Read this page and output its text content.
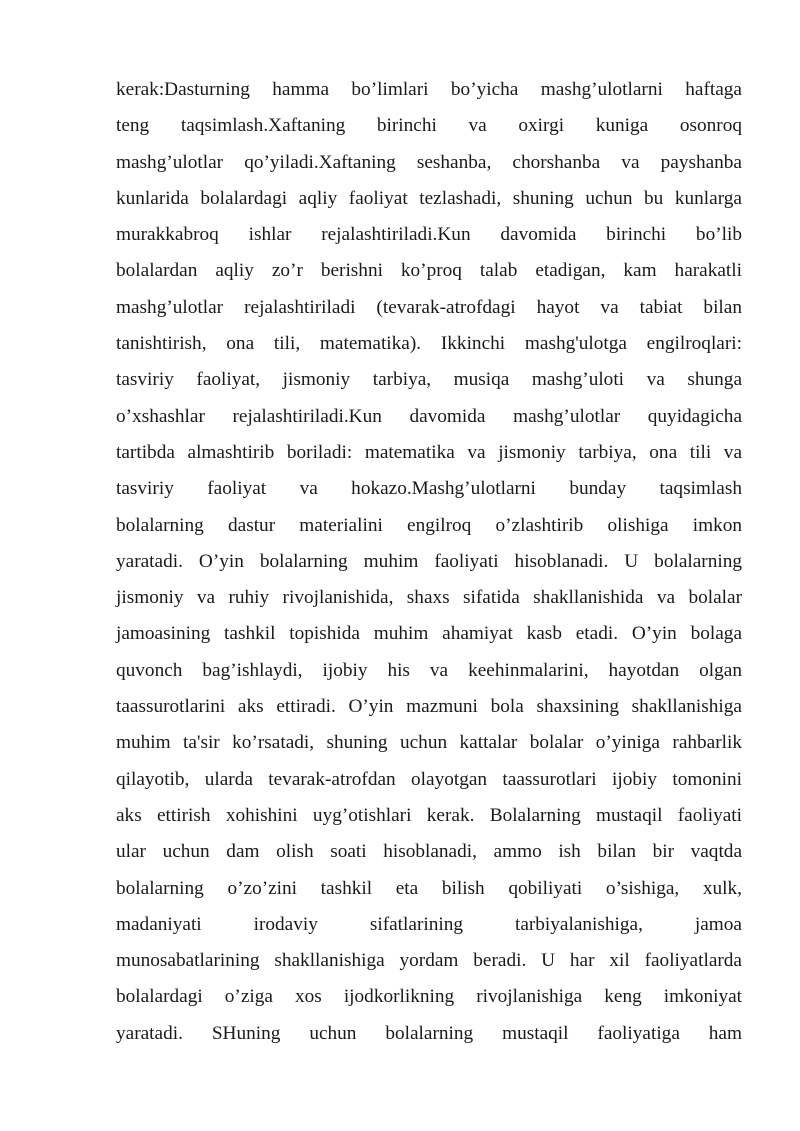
kerak:Dasturning hamma bo’limlari bo’yicha mashg’ulotlarni haftaga
teng taqsimlash.Xaftaning birinchi va oxirgi kuniga osonroq
mashg’ulotlar qo’yiladi.Xaftaning seshanba, chorshanba va payshanba
kunlarida bolalardagi aqliy faoliyat tezlashadi, shuning uchun bu kunlarga
murakkabroq ishlar rejalashtiriladi.Kun davomida birinchi bo’lib
bolalardan aqliy zo’r berishni ko’proq talab etadigan, kam harakatli
mashg’ulotlar rejalashtiriladi (tevarak-atrofdagi hayot va tabiat bilan
tanishtirish, ona tili, matematika). Ikkinchi mashg'ulotga engilroqlari:
tasviriy faoliyat, jismoniy tarbiya, musiqa mashg’uloti va shunga
o’xshashlar rejalashtiriladi.Kun davomida mashg’ulotlar quyidagicha
tartibda almashtirib boriladi: matematika va jismoniy tarbiya, ona tili va
tasviriy faoliyat va hokazo.Mashg’ulotlarni bunday taqsimlash
bolalarning dastur materialini engilroq o’zlashtirib olishiga imkon
yaratadi. O’yin bolalarning muhim faoliyati hisoblanadi. U bolalarning
jismoniy va ruhiy rivojlanishida, shaxs sifatida shakllanishida va bolalar
jamoasining tashkil topishida muhim ahamiyat kasb etadi. O’yin bolaga
quvonch bag’ishlaydi, ijobiy his va keehinmalarini, hayotdan olgan
taassurotlarini aks ettiradi. O’yin mazmuni bola shaxsining shakllanishiga
muhim ta'sir ko’rsatadi, shuning uchun kattalar bolalar o’yiniga rahbarlik
qilayotib, ularda tevarak-atrofdan olayotgan taassurotlari ijobiy tomonini
aks ettirish xohishini uyg’otishlari kerak. Bolalarning mustaqil faoliyati
ular uchun dam olish soati hisoblanadi, ammo ish bilan bir vaqtda
bolalarning o’zo’zini tashkil eta bilish qobiliyati o’sishiga, xulk,
madaniyati irodaviy sifatlarining tarbiyalanishiga, jamoa
munosabatlarining shakllanishiga yordam beradi. U har xil faoliyatlarda
bolalardagi o’ziga xos ijodkorlikning rivojlanishiga keng imkoniyat
yaratadi. SHuning uchun bolalarning mustaqil faoliyatiga ham
